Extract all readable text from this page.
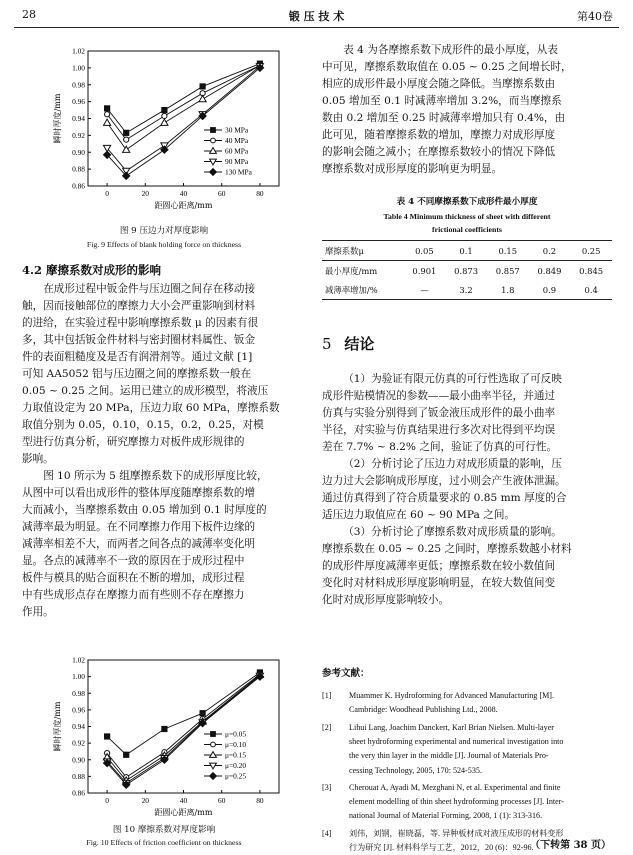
28	锻 压 技 术	第40卷
0.86
0.88
0.90
0.92
0.94
0.96
0.98
1.00
1.02
0	20	40	60	80
距圆心距离/mm
瞬时厚度/mm	30 MPa
40 MPa
60 MPa
90 MPa
130 MPa
图 9 压边力对厚度影响
Fig. 9 Effects of blank holding force on thickness
4.2 摩擦系数对成形的影响
在成形过程中钣金件与压边圈之间存在移动接
触，因而接触部位的摩擦力大小会严重影响到材料
的进给，在实验过程中影响摩擦系数 μ 的因素有很
多，其中包括钣金件材料与密封圈材料属性、钣金
件的表面粗糙度及是否有润滑剂等。通过文献 [1]
可知 AA5052 铝与压边圈之间的摩擦系数一般在
0.05 ~ 0.25 之间。运用已建立的成形模型，将液压
力取值设定为 20 MPa，压边力取 60 MPa，摩擦系数
取值分别为 0.05，0.10，0.15，0.2，0.25，对模
型进行仿真分析，研究摩擦力对板件成形规律的
影响。
图 10 所示为 5 组摩擦系数下的成形厚度比较，
从图中可以看出成形件的整体厚度随摩擦系数的增
大而减小，当摩擦系数由 0.05 增加到 0.1 时厚度的
减薄率最为明显。在不同摩擦力作用下板件边缘的
减薄率相差不大，而两者之间各点的减薄率变化明
显。各点的减薄率不一致的原因在于成形过程中
板件与模具的贴合面积在不断的增加，成形过程
中有些成形点存在摩擦力而有些则不存在摩擦力
作用。
0.86
0.88
0.90
0.92
0.94
0.96
0.98
1.00
1.02
0	20	40	60	80
距圆心距离/mm
瞬时厚度/mm	μ=0.05
μ=0.10
μ=0.15
μ=0.20
μ=0.25
图 10 摩擦系数对厚度影响
Fig. 10 Effects of friction coefficient on thickness
表 4 为各摩擦系数下成形件的最小厚度，从表
中可见，摩擦系数取值在 0.05 ~ 0.25 之间增长时，
相应的成形件最小厚度会随之降低。当摩擦系数由
0.05 增加至 0.1 时减薄率增加 3.2%，而当摩擦系
数由 0.2 增加至 0.25 时减薄率增加只有 0.4%，由
此可见，随着摩擦系数的增加，摩擦力对成形厚度
的影响会随之减小；在摩擦系数较小的情况下降低
摩擦系数对成形厚度的影响更为明显。
表 4 不同摩擦系数下成形件最小厚度
Table 4 Minimum thickness of sheet with different
frictional coefficients
摩擦系数μ	0.05	0.1	0.15	0.2	0.25
最小厚度/mm	0.901	0.873	0.857	0.849	0.845
减薄率增加/%	—	3.2	1.8	0.9	0.4
5 结论
（1）为验证有限元仿真的可行性选取了可反映
成形件贴模情况的参数——最小曲率半径，并通过
仿真与实验分别得到了钣金液压成形件的最小曲率
半径，对实验与仿真结果进行多次对比得到平均误
差在 7.7% ~ 8.2% 之间，验证了仿真的可行性。
（2）分析讨论了压边力对成形质量的影响，压
边力过大会影响成形厚度，过小则会产生液体泄漏。
通过仿真得到了符合质量要求的 0.85 mm 厚度的合
适压边力取值应在 60 ~ 90 MPa 之间。
（3）分析讨论了摩擦系数对成形质量的影响。
摩擦系数在 0.05 ~ 0.25 之间时，摩擦系数越小材料
的成形件厚度减薄率更低；摩擦系数在较小数值间
变化时对材料成形厚度影响明显，在较大数值间变
化时对成形厚度影响较小。
参考文献：
[1] Muammer K. Hydroforming for Advanced Manufacturing [M].
Cambridge: Woodhead Publishing Ltd., 2008.
[2] Lihui Lang, Joachim Danckert, Karl Brian Nielsen. Multi-layer
sheet hydroforming experimental and numerical investigation into
the very thin layer in the middle [J]. Journal of Materials Pro-
cessing Technology, 2005, 170: 524-535.
[3] Cherouat A, Ayadi M, Mezghani N, et al. Experimental and finite
element modelling of thin sheet hydroforming processes [J]. Inter-
national Journal of Material Forming, 2008, 1 (1): 313-316.
[4] 刘伟，刘钢，崔晓磊，等. 异种板材成对液压成形的材料变形
行为研究 [J]. 材料科学与工艺，2012，20 (6)：92-96.
（下转第 38 页）
